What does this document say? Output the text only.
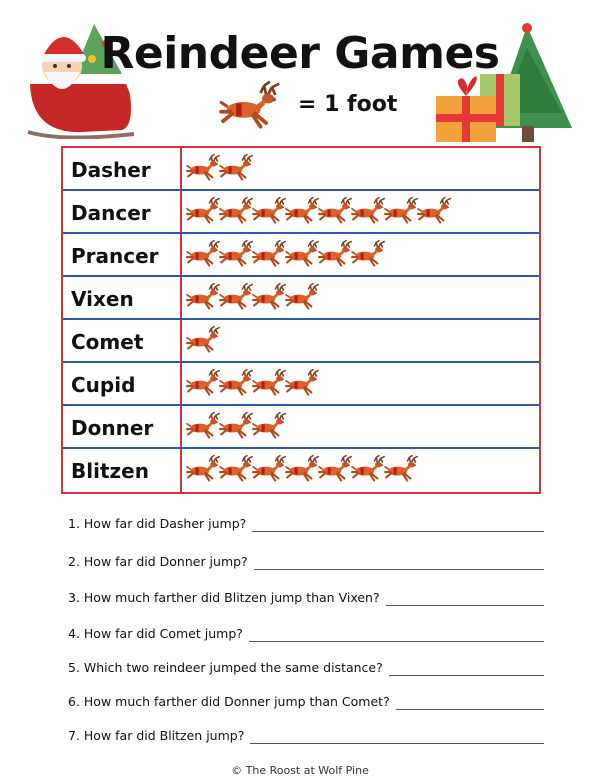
Reindeer Games
= 1 foot
Dasher
Dancer
Prancer
Vixen
Comet
Cupid
Donner
Blitzen
1. How far did Dasher jump?
2. How far did Donner jump?
3. How much farther did Blitzen jump than Vixen?
4. How far did Comet jump?
5. Which two reindeer jumped the same distance?
6. How much farther did Donner jump than Comet?
7. How far did Blitzen jump?
© The Roost at Wolf Pine
